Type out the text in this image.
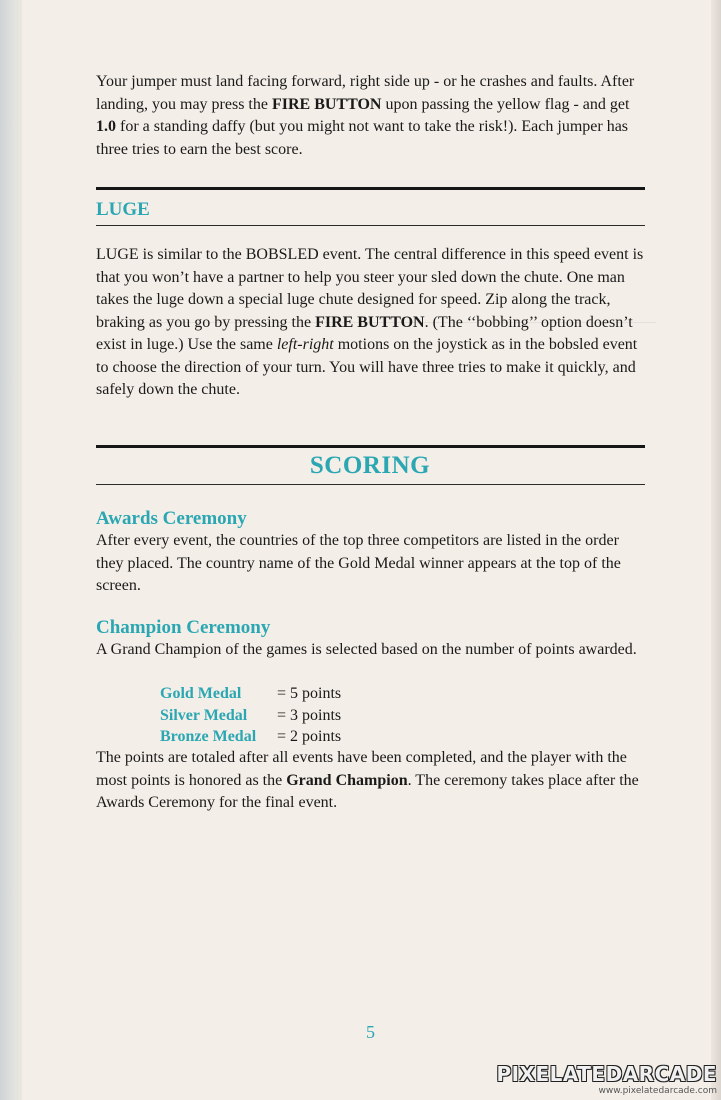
Your jumper must land facing forward, right side up - or he crashes and faults. After landing, you may press the FIRE BUTTON upon passing the yellow flag - and get 1.0 for a standing daffy (but you might not want to take the risk!). Each jumper has three tries to earn the best score.
LUGE
LUGE is similar to the BOBSLED event. The central difference in this speed event is that you won’t have a partner to help you steer your sled down the chute. One man takes the luge down a special luge chute designed for speed. Zip along the track, braking as you go by pressing the FIRE BUTTON. (The ‘‘bobbing’’ option doesn’t exist in luge.) Use the same left-right motions on the joystick as in the bobsled event to choose the direction of your turn. You will have three tries to make it quickly, and safely down the chute.
SCORING
Awards Ceremony
After every event, the countries of the top three competitors are listed in the order they placed. The country name of the Gold Medal winner appears at the top of the screen.
Champion Ceremony
A Grand Champion of the games is selected based on the number of points awarded.
Gold Medal	= 5 points
Silver Medal	= 3 points
Bronze Medal	= 2 points
The points are totaled after all events have been completed, and the player with the most points is honored as the Grand Champion. The ceremony takes place after the Awards Ceremony for the final event.
5
PIXELATEDARCADE
www.pixelatedarcade.com
